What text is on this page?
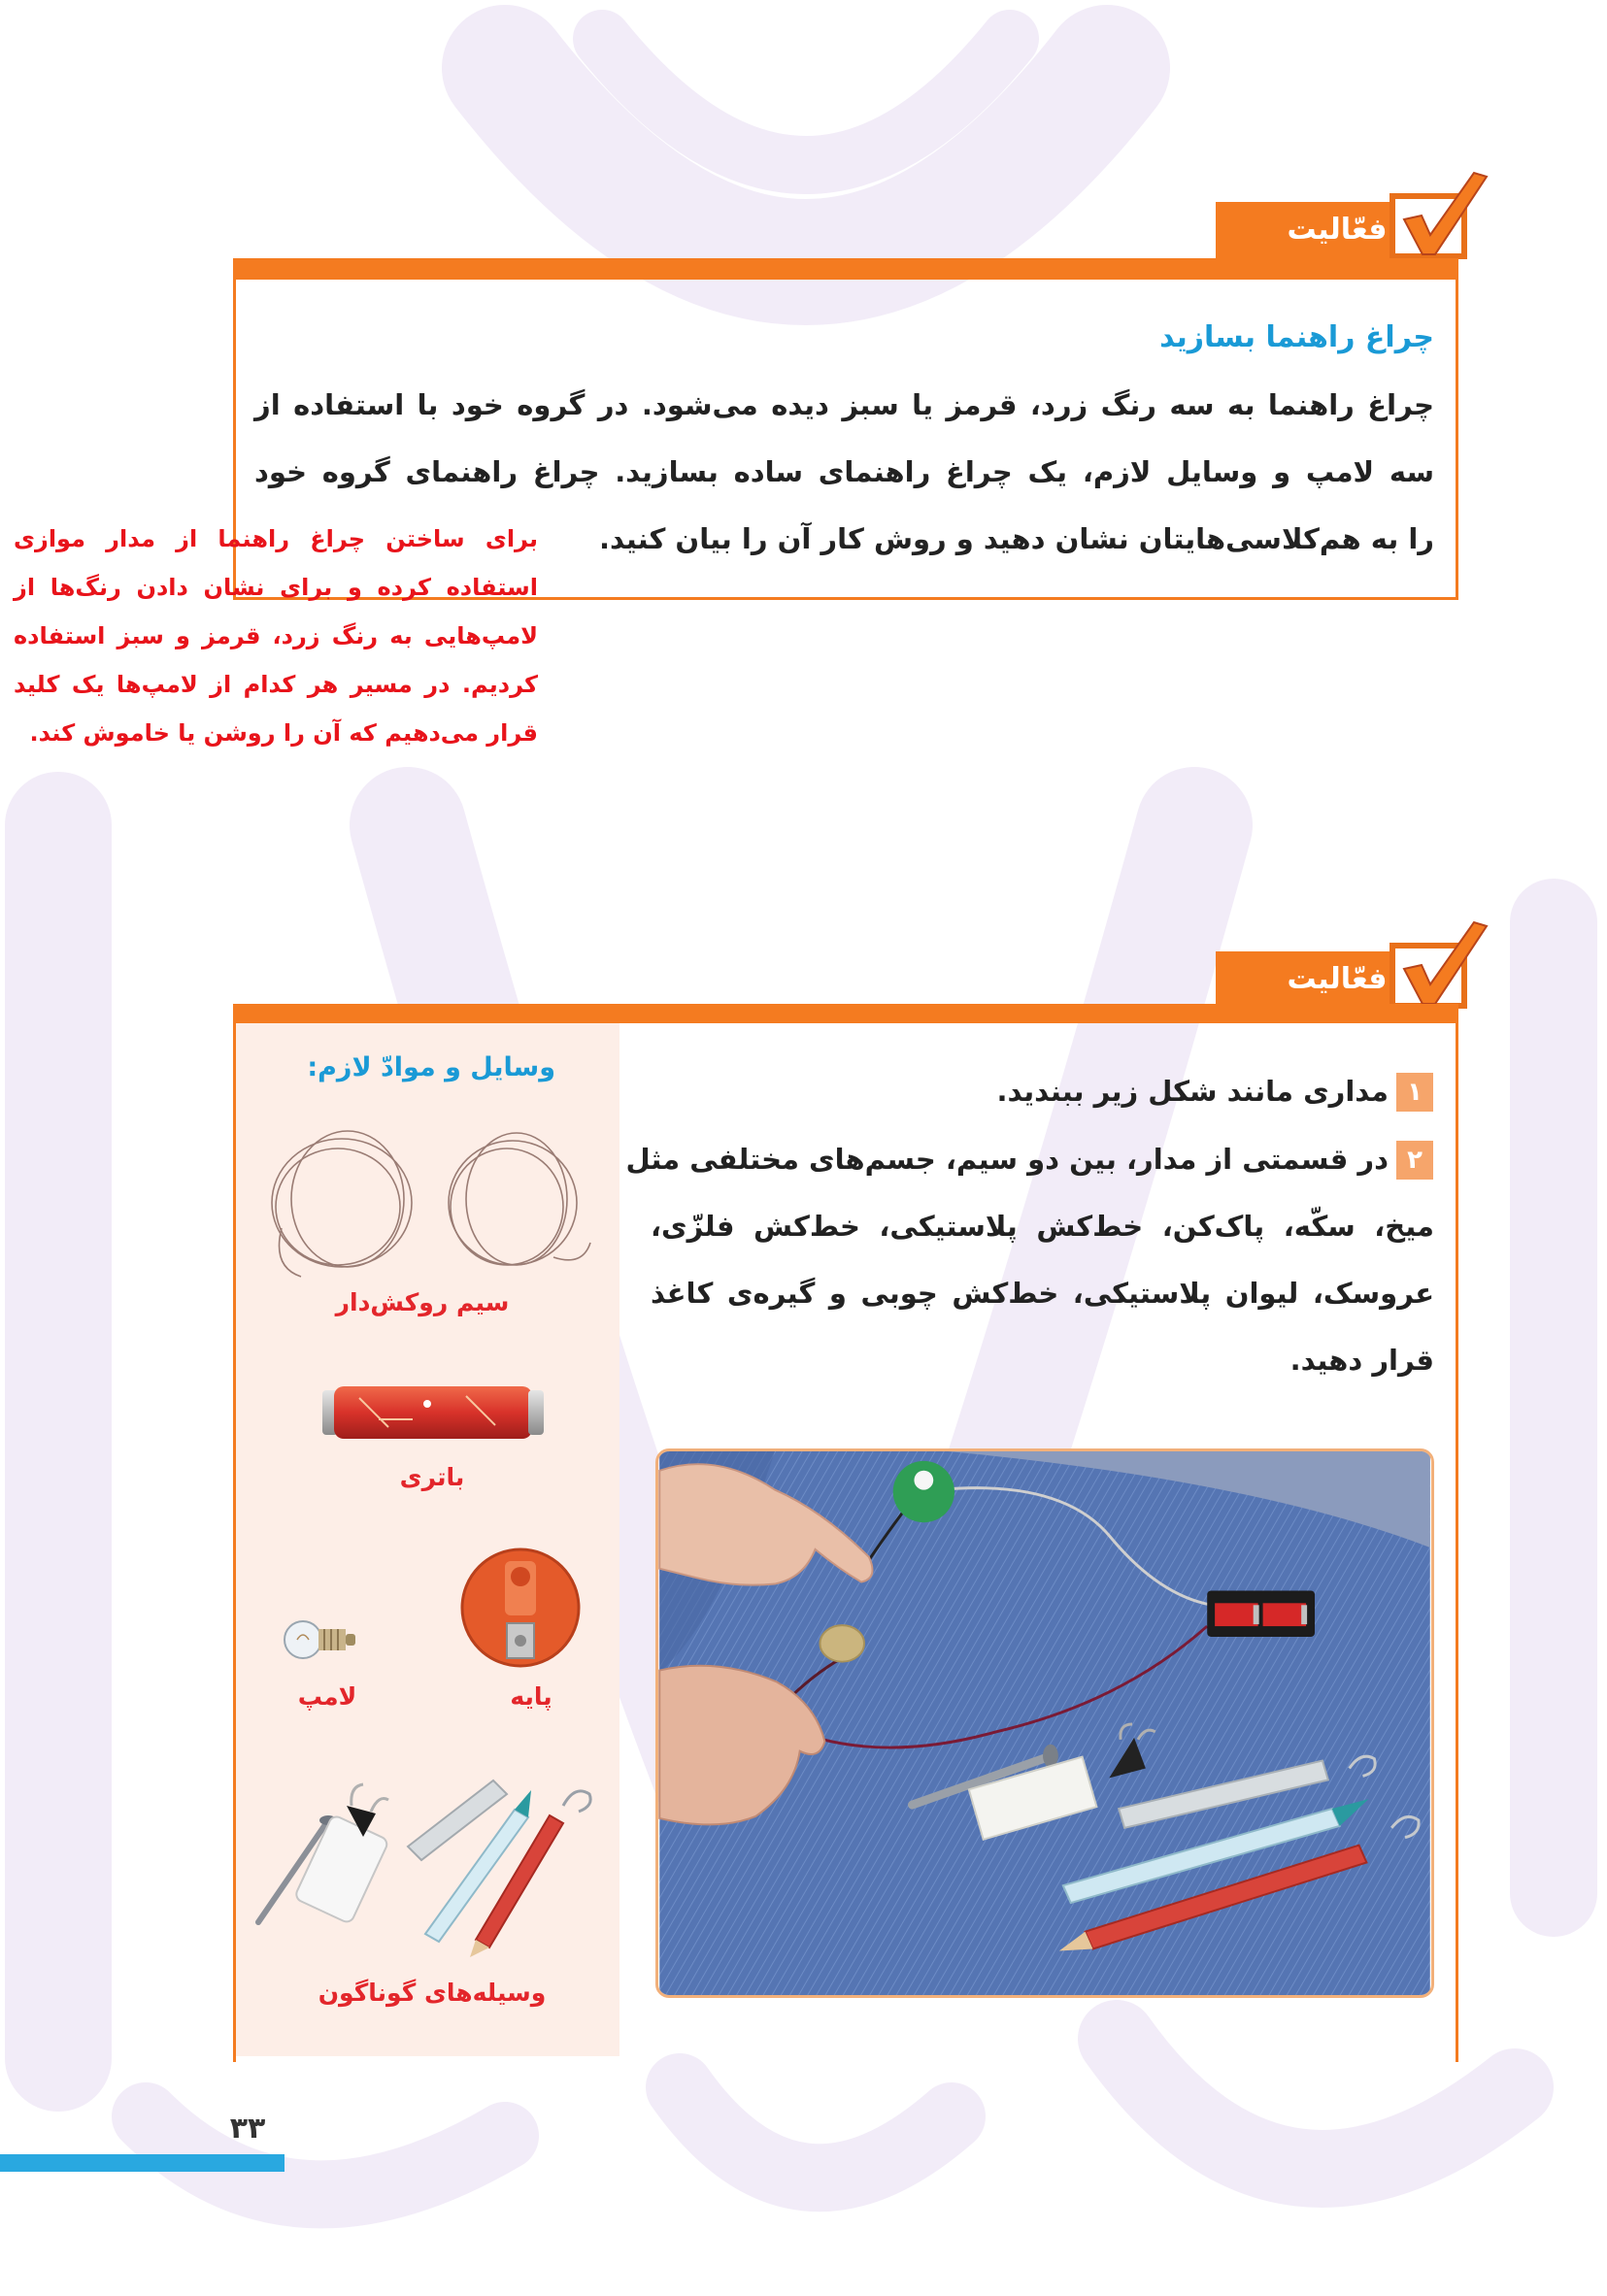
فعّالیت
چراغ راهنما بسازید
چراغ راهنما به سه رنگ زرد، قرمز یا سبز دیده می‌شود. در گروه خود با استفاده از
سه لامپ و وسایل لازم، یک چراغ راهنمای ساده بسازید. چراغ راهنمای گروه خود
را به هم‌کلاسی‌هایتان نشان دهید و روش کار آن را بیان کنید.
برای ساختن چراغ راهنما از مدار موازی
استفاده کرده و برای نشان دادن رنگ‌ها از
لامپ‌هایی به رنگ زرد، قرمز و سبز استفاده
کردیم. در مسیر هر کدام از لامپ‌ها یک کلید
قرار می‌دهیم که آن را روشن یا خاموش کند.
فعّالیت
وسایل و موادّ لازم:
سیم روکش‌دار
باتری
لامپ	پایه
وسیله‌های گوناگون
۱
مداری مانند شکل زیر ببندید.
۲
در قسمتی از مدار، بین دو سیم، جسم‌های مختلفی مثل
میخ، سکّه، پاک‌کن، خط‌کش پلاستیکی، خط‌کش فلزّی،
عروسک، لیوان پلاستیکی، خط‌کش چوبی و گیره‌ی کاغذ
قرار دهید.
۳۳
